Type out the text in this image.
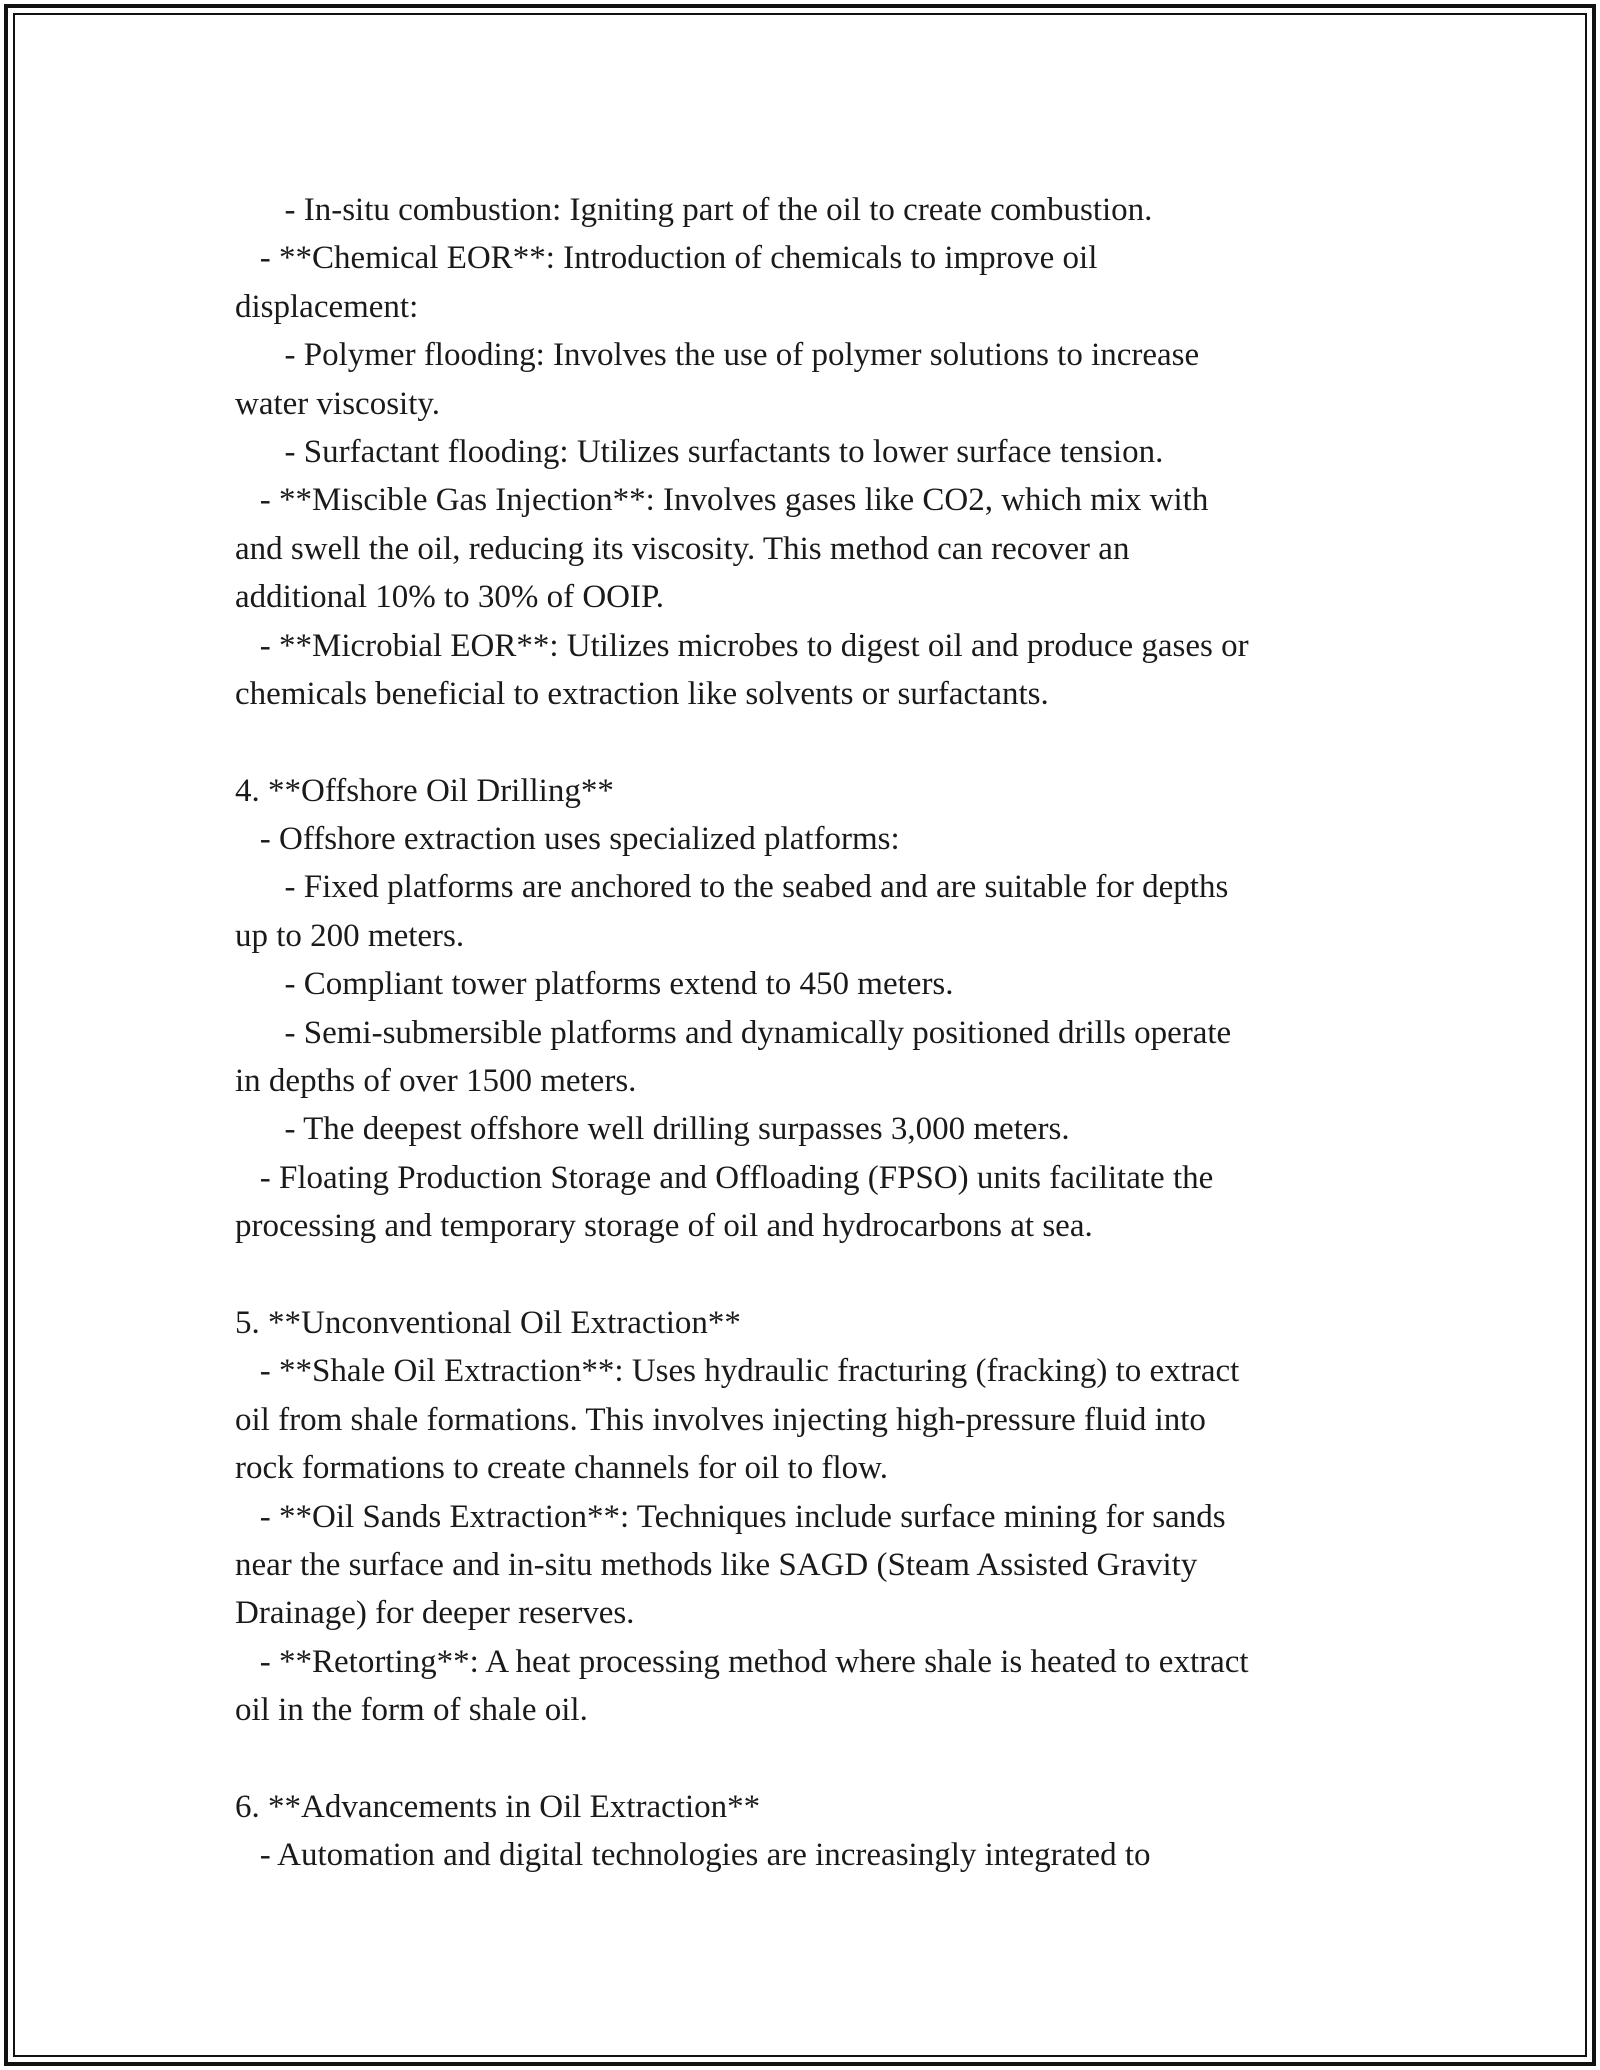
- In-situ combustion: Igniting part of the oil to create combustion.
- **Chemical EOR**: Introduction of chemicals to improve oil
displacement:
- Polymer flooding: Involves the use of polymer solutions to increase
water viscosity.
- Surfactant flooding: Utilizes surfactants to lower surface tension.
- **Miscible Gas Injection**: Involves gases like CO2, which mix with
and swell the oil, reducing its viscosity. This method can recover an
additional 10% to 30% of OOIP.
- **Microbial EOR**: Utilizes microbes to digest oil and produce gases or
chemicals beneficial to extraction like solvents or surfactants.
4. **Offshore Oil Drilling**
- Offshore extraction uses specialized platforms:
- Fixed platforms are anchored to the seabed and are suitable for depths
up to 200 meters.
- Compliant tower platforms extend to 450 meters.
- Semi-submersible platforms and dynamically positioned drills operate
in depths of over 1500 meters.
- The deepest offshore well drilling surpasses 3,000 meters.
- Floating Production Storage and Offloading (FPSO) units facilitate the
processing and temporary storage of oil and hydrocarbons at sea.
5. **Unconventional Oil Extraction**
- **Shale Oil Extraction**: Uses hydraulic fracturing (fracking) to extract
oil from shale formations. This involves injecting high-pressure fluid into
rock formations to create channels for oil to flow.
- **Oil Sands Extraction**: Techniques include surface mining for sands
near the surface and in-situ methods like SAGD (Steam Assisted Gravity
Drainage) for deeper reserves.
- **Retorting**: A heat processing method where shale is heated to extract
oil in the form of shale oil.
6. **Advancements in Oil Extraction**
- Automation and digital technologies are increasingly integrated to
